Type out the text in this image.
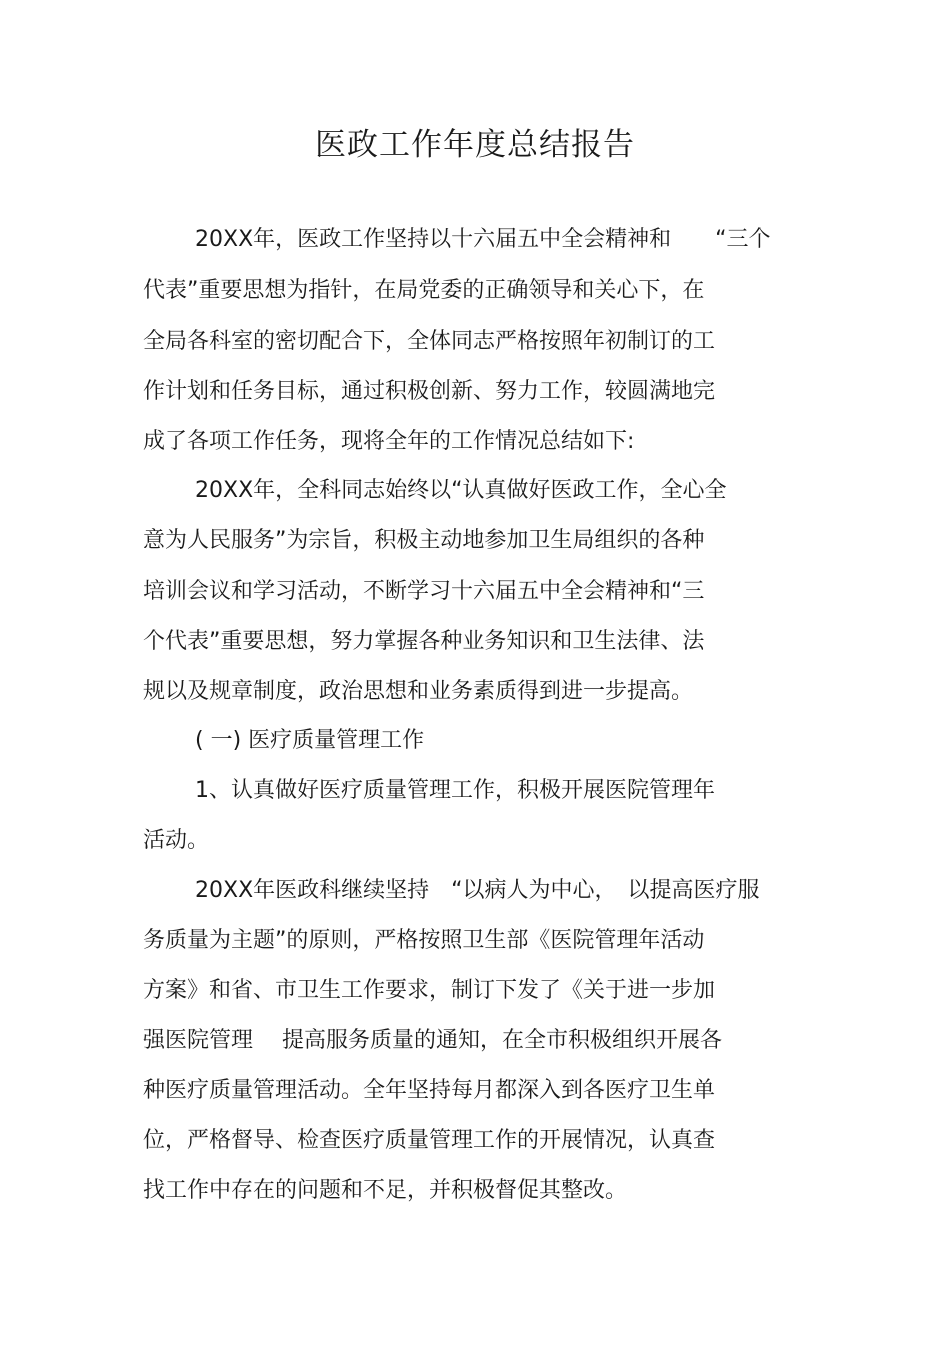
医政工作年度总结报告
20XX年，医政工作坚持以十六届五中全会精神和　　“三个
代表”重要思想为指针，在局党委的正确领导和关心下，在
全局各科室的密切配合下，全体同志严格按照年初制订的工
作计划和任务目标，通过积极创新、努力工作，较圆满地完
成了各项工作任务，现将全年的工作情况总结如下:
20XX年，全科同志始终以“认真做好医政工作，全心全
意为人民服务”为宗旨，积极主动地参加卫生局组织的各种
培训会议和学习活动，不断学习十六届五中全会精神和“三
个代表”重要思想，努力掌握各种业务知识和卫生法律、法
规以及规章制度，政治思想和业务素质得到进一步提高。
( 一) 医疗质量管理工作
1、认真做好医疗质量管理工作，积极开展医院管理年
活动。
20XX年医政科继续坚持　“以病人为中心，　以提高医疗服
务质量为主题”的原则，严格按照卫生部《医院管理年活动
方案》和省、市卫生工作要求，制订下发了《关于进一步加
强医院管理　 提高服务质量的通知，在全市积极组织开展各
种医疗质量管理活动。全年坚持每月都深入到各医疗卫生单
位，严格督导、检查医疗质量管理工作的开展情况，认真查
找工作中存在的问题和不足，并积极督促其整改。
